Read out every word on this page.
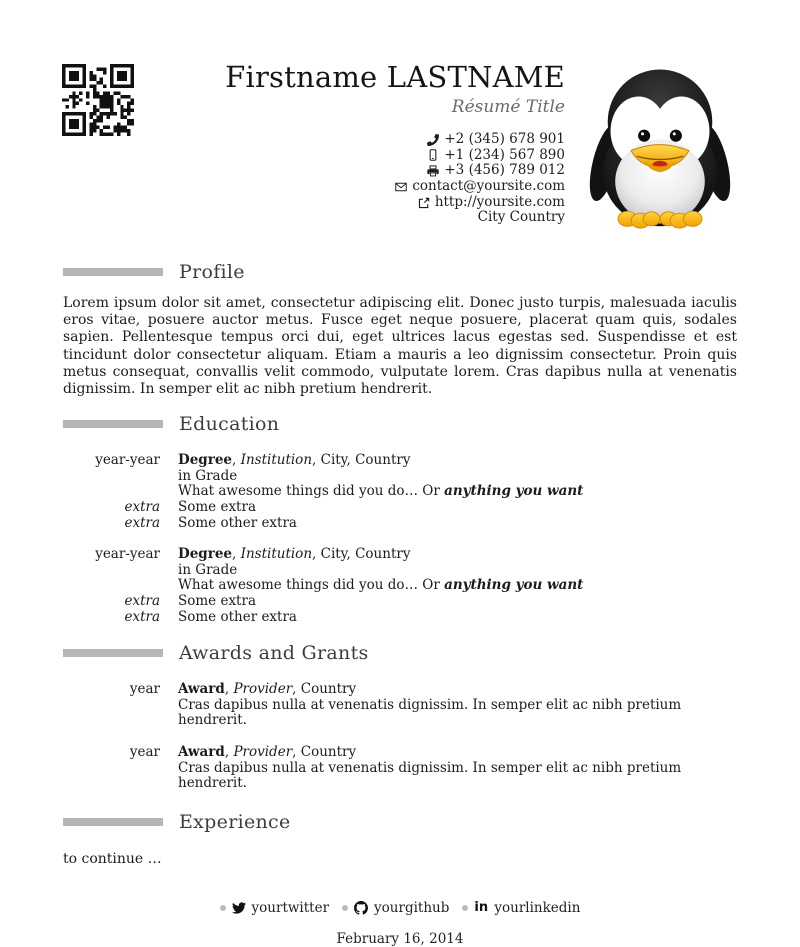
Firstname LASTNAME
Résumé Title
+2 (345) 678 901
+1 (234) 567 890
+3 (456) 789 012
contact@yoursite.com
http://yoursite.com
City Country
Profile

Lorem ipsum dolor sit amet, consectetur adipiscing elit. Donec justo turpis, malesuada iaculis eros vitae, posuere auctor metus. Fusce eget neque posuere, placerat quam quis, sodales sapien. Pellentesque tempus orci dui, eget ultrices lacus egestas sed. Suspendisse et est tincidunt dolor consectetur aliquam. Etiam a mauris a leo dignissim consectetur. Proin quis metus consequat, convallis velit commodo, vulputate lorem. Cras dapibus nulla at venenatis dignissim. In semper elit ac nibh pretium hendrerit.

Education
year-year Degree, Institution, City, Country
in Grade
What awesome things did you do… Or anything you want
extra Some extra
extra Some other extra
year-year Degree, Institution, City, Country
in Grade
What awesome things did you do… Or anything you want
extra Some extra
extra Some other extra
Awards and Grants
year Award, Provider, Country
Cras dapibus nulla at venenatis dignissim. In semper elit ac nibh pretium hendrerit.
year Award, Provider, Country
Cras dapibus nulla at venenatis dignissim. In semper elit ac nibh pretium hendrerit.
Experience
to continue …
yourtwitter	yourgithub in yourlinkedin
February 16, 2014
